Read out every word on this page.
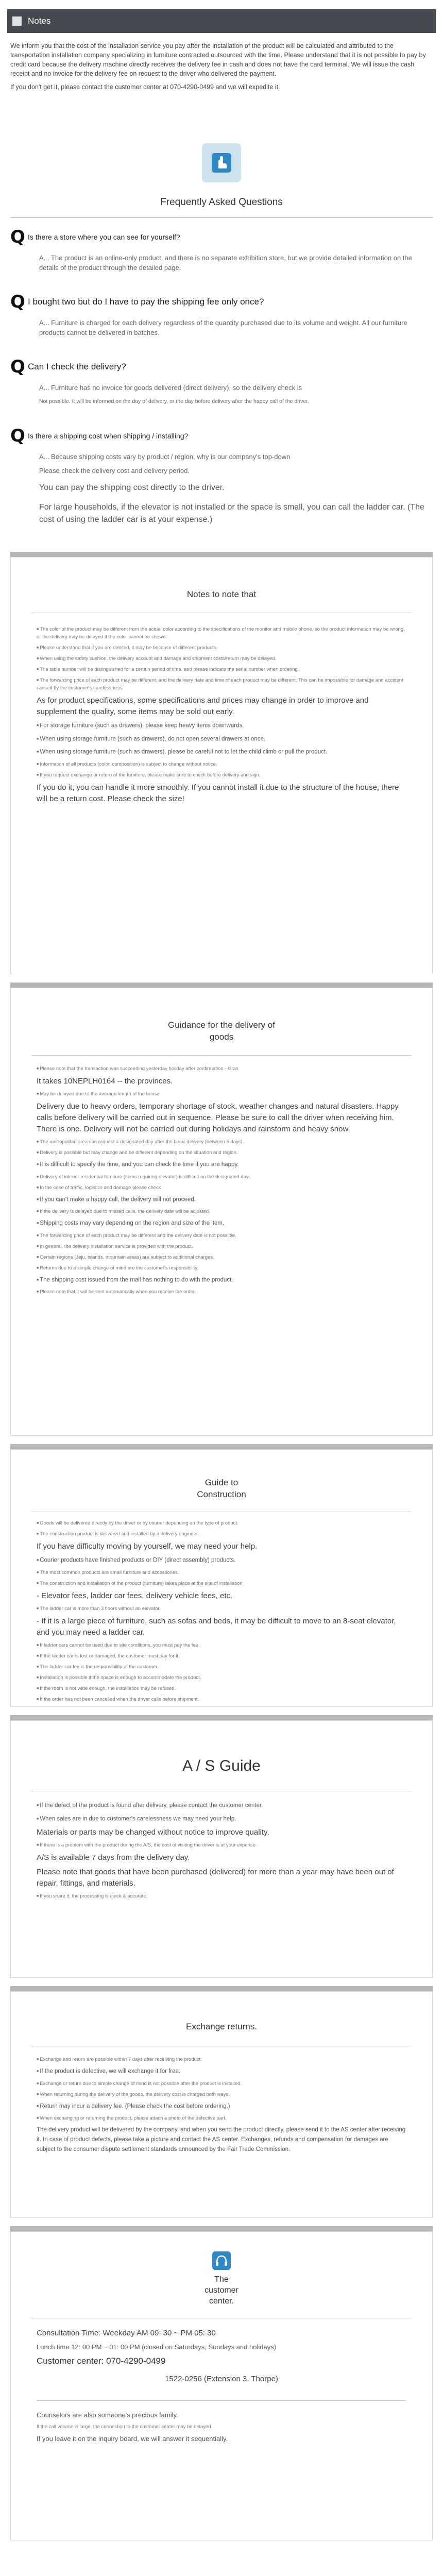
Notes

We inform you that the cost of the installation service you pay after the installation of the product will be calculated and attributed to the transportation installation company specializing in furniture contracted outsourced with the time. Please understand that it is not possible to pay by credit card because the delivery machine directly receives the delivery fee in cash and does not have the card terminal. We will issue the cash receipt and no invoice for the delivery fee on request to the driver who delivered the payment.

If you don't get it, please contact the customer center at 070-4290-0499 and we will expedite it.

Frequently Asked Questions
Q Is there a store where you can see for yourself?
A... The product is an online-only product, and there is no separate exhibition store, but we provide detailed information on the details of the product through the detailed page.
Q I bought two but do I have to pay the shipping fee only once?
A... Furniture is charged for each delivery regardless of the quantity purchased due to its volume and weight. All our furniture products cannot be delivered in batches.
Q Can I check the delivery?
A... Furniture has no invoice for goods delivered (direct delivery), so the delivery check is
Not possible. It will be informed on the day of delivery, or the day before delivery after the happy call of the driver.
Q Is there a shipping cost when shipping / installing?
A... Because shipping costs vary by product / region, why is our company's top-down
Please check the delivery cost and delivery period.
You can pay the shipping cost directly to the driver.
For large households, if the elevator is not installed or the space is small, you can call the ladder car. (The cost of using the ladder car is at your expense.)
Notes to note that
■ The color of the product may be different from the actual color according to the specifications of the monitor and mobile phone, so the product information may be wrong, or the delivery may be delayed if the color cannot be shown.
■ Please understand that if you are deleted, it may be because of different products.
■ When using the safety cushion, the delivery account and damage and shipment costs/return may be delayed.
■ The table number will be distinguished for a certain period of time, and please indicate the serial number when ordering.
■ The forwarding price of each product may be different, and the delivery date and time of each product may be different. This can be impossible for damage and accident caused by the customer's carelessness.
As for product specifications, some specifications and prices may change in order to improve and supplement the quality, some items may be sold out early.
■ For storage furniture (such as drawers), please keep heavy items downwards.
■ When using storage furniture (such as drawers), do not open several drawers at once.
■ When using storage furniture (such as drawers), please be careful not to let the child climb or pull the product.
■ Information of all products (color, composition) is subject to change without notice.
■ If you request exchange or return of the furniture, please make sure to check before delivery and sign.
If you do it, you can handle it more smoothly. If you cannot install it due to the structure of the house, there will be a return cost. Please check the size!
Guidance for the delivery of goods
■ Please note that the transaction was succeeding yesterday holiday after confirmation - Gras
It takes 10NEPLH0164 -- the provinces.
■ May be delayed due to the average length of the house.
Delivery due to heavy orders, temporary shortage of stock, weather changes and natural disasters. Happy calls before delivery will be carried out in sequence. Please be sure to call the driver when receiving him. There is one. Delivery will not be carried out during holidays and rainstorm and heavy snow.
■ The metropolitan area can request a designated day after the basic delivery (between 5 days).
■ Delivery is possible but may change and be different depending on the situation and region.
■ It is difficult to specify the time, and you can check the time if you are happy.
■ Delivery of interior residential furniture (items requiring elevator) is difficult on the designated day.
■ In the case of traffic, logistics and damage please check
■ If you can't make a happy call, the delivery will not proceed.
■ If the delivery is delayed due to missed calls, the delivery date will be adjusted.
■ Shipping costs may vary depending on the region and size of the item.
■ The forwarding price of each product may be different and the delivery date is not possible.
■ In general, the delivery installation service is provided with the product.
■ Certain regions (Jeju, islands, mountain areas) are subject to additional charges.
■ Returns due to a simple change of mind are the customer's responsibility.
■ The shipping cost issued from the mail has nothing to do with the product.
■ Please note that it will be sent automatically when you receive the order.
Guide to Construction
■ Goods will be delivered directly by the driver or by courier depending on the type of product.
■ The construction product is delivered and installed by a delivery engineer.
If you have difficulty moving by yourself, we may need your help.
■ Courier products have finished products or DIY (direct assembly) products.
■ The most common products are small furniture and accessories.
■ The construction and installation of the product (furniture) takes place at the site of installation.
- Elevator fees, ladder car fees, delivery vehicle fees, etc.
■ The ladder car is more than 3 floors without an elevator.
- If it is a large piece of furniture, such as sofas and beds, it may be difficult to move to an 8-seat elevator, and you may need a ladder car.
■ If ladder cars cannot be used due to site conditions, you must pay the fee.
■ If the ladder car is lost or damaged, the customer must pay for it.
■ The ladder car fee is the responsibility of the customer.
■ Installation is possible if the space is enough to accommodate the product.
■ If the room is not wide enough, the installation may be refused.
■ If the order has not been cancelled when the driver calls before shipment.
A / S Guide
■ If the defect of the product is found after delivery, please contact the customer center.
■ When sales are in due to customer's carelessness we may need your help.
Materials or parts may be changed without notice to improve quality.
■ If there is a problem with the product during the A/S, the cost of visiting the driver is at your expense.
A/S is available 7 days from the delivery day.
Please note that goods that have been purchased (delivered) for more than a year may have been out of repair, fittings, and materials.
■ If you share it, the processing is quick & accurate.
Exchange returns.
■ Exchange and return are possible within 7 days after receiving the product.
■ If the product is defective, we will exchange it for free.
■ Exchange or return due to simple change of mind is not possible after the product is installed.
■ When returning during the delivery of the goods, the delivery cost is charged both ways.
■ Return may incur a delivery fee. (Please check the cost before ordering.)
■ When exchanging or returning the product, please attach a photo of the defective part.
The delivery product will be delivered by the company, and when you send the product directly, please send it to the AS center after receiving it. In case of product defects, please take a picture and contact the AS center. Exchanges, refunds and compensation for damages are subject to the consumer dispute settlement standards announced by the Fair Trade Commission.
The customer center.
Consultation Time: Weekday AM 09: 30 ~ PM 05: 30
Lunch time 12: 00 PM ~ 01: 00 PM (closed on Saturdays, Sundays and holidays)
Customer center: 070-4290-0499
1522-0256 (Extension 3. Thorpe)
Counselors are also someone's precious family.
If the call volume is large, the connection to the customer center may be delayed.
If you leave it on the inquiry board, we will answer it sequentially.
